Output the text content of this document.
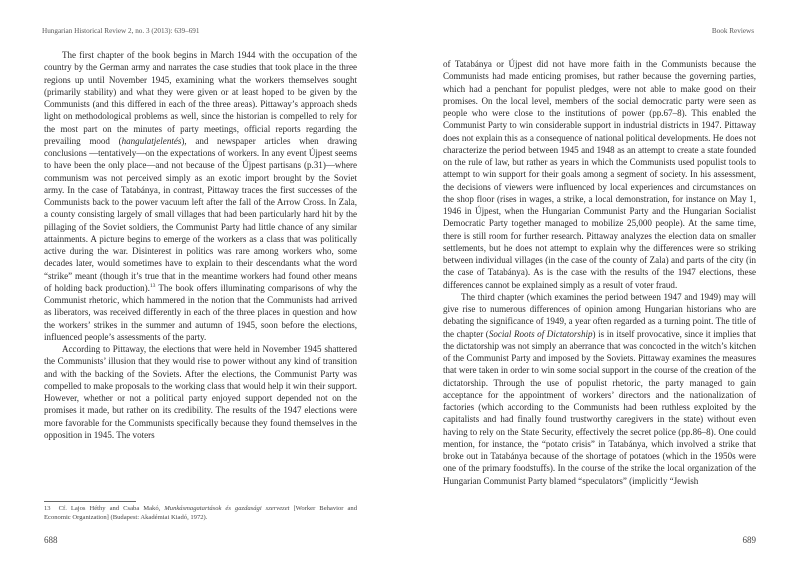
Hungarian Historical Review 2, no. 3 (2013): 639–691

The first chapter of the book begins in March 1944 with the occupation of the country by the German army and narrates the case studies that took place in the three regions up until November 1945, examining what the workers themselves sought (primarily stability) and what they were given or at least hoped to be given by the Communists (and this differed in each of the three areas). Pittaway’s approach sheds light on methodological problems as well, since the historian is compelled to rely for the most part on the minutes of party meetings, official reports regarding the prevailing mood (hangulatjelentés), and newspaper articles when drawing conclusions —tentatively—on the expectations of workers. In any event Újpest seems to have been the only place—and not because of the Újpest partisans (p.31)—where communism was not perceived simply as an exotic import brought by the Soviet army. In the case of Tatabánya, in contrast, Pittaway traces the first successes of the Communists back to the power vacuum left after the fall of the Arrow Cross. In Zala, a county consisting largely of small villages that had been particularly hard hit by the pillaging of the Soviet soldiers, the Communist Party had little chance of any similar attainments. A picture begins to emerge of the workers as a class that was politically active during the war. Disinterest in politics was rare among workers who, some decades later, would sometimes have to explain to their descendants what the word “strike” meant (though it’s true that in the meantime workers had found other means of holding back production).$^{13}$ The book offers illuminating comparisons of why the Communist rhetoric, which hammered in the notion that the Communists had arrived as liberators, was received differently in each of the three places in question and how the workers’ strikes in the summer and autumn of 1945, soon before the elections, influenced people’s assessments of the party.

According to Pittaway, the elections that were held in November 1945 shattered the Communists’ illusion that they would rise to power without any kind of transition and with the backing of the Soviets. After the elections, the Communist Party was compelled to make proposals to the working class that would help it win their support. However, whether or not a political party enjoyed support depended not on the promises it made, but rather on its credibility. The results of the 1947 elections were more favorable for the Communists specifically because they found themselves in the opposition in 1945. The voters

13 Cf. Lajos Héthy and Csaba Makó, Munkásmagatartások és gazdasági szervezet [Worker Behavior and Economic Organization] (Budapest: Akadémiai Kiadó, 1972).
688
Book Reviews

of Tatabánya or Újpest did not have more faith in the Communists because the Communists had made enticing promises, but rather because the governing parties, which had a penchant for populist pledges, were not able to make good on their promises. On the local level, members of the social democratic party were seen as people who were close to the institutions of power (pp.67–8). This enabled the Communist Party to win considerable support in industrial districts in 1947. Pittaway does not explain this as a consequence of national political developments. He does not characterize the period between 1945 and 1948 as an attempt to create a state founded on the rule of law, but rather as years in which the Communists used populist tools to attempt to win support for their goals among a segment of society. In his assessment, the decisions of viewers were influenced by local experiences and circumstances on the shop floor (rises in wages, a strike, a local demonstration, for instance on May 1, 1946 in Újpest, when the Hungarian Communist Party and the Hungarian Socialist Democratic Party together managed to mobilize 25,000 people). At the same time, there is still room for further research. Pittaway analyzes the election data on smaller settlements, but he does not attempt to explain why the differences were so striking between individual villages (in the case of the county of Zala) and parts of the city (in the case of Tatabánya). As is the case with the results of the 1947 elections, these differences cannot be explained simply as a result of voter fraud.

The third chapter (which examines the period between 1947 and 1949) may will give rise to numerous differences of opinion among Hungarian historians who are debating the significance of 1949, a year often regarded as a turning point. The title of the chapter (Social Roots of Dictatorship) is in itself provocative, since it implies that the dictatorship was not simply an aberrance that was concocted in the witch’s kitchen of the Communist Party and imposed by the Soviets. Pittaway examines the measures that were taken in order to win some social support in the course of the creation of the dictatorship. Through the use of populist rhetoric, the party managed to gain acceptance for the appointment of workers’ directors and the nationalization of factories (which according to the Communists had been ruthless exploited by the capitalists and had finally found trustworthy caregivers in the state) without even having to rely on the State Security, effectively the secret police (pp.86–8). One could mention, for instance, the “potato crisis” in Tatabánya, which involved a strike that broke out in Tatabánya because of the shortage of potatoes (which in the 1950s were one of the primary foodstuffs). In the course of the strike the local organization of the Hungarian Communist Party blamed “speculators” (implicitly “Jewish

689
